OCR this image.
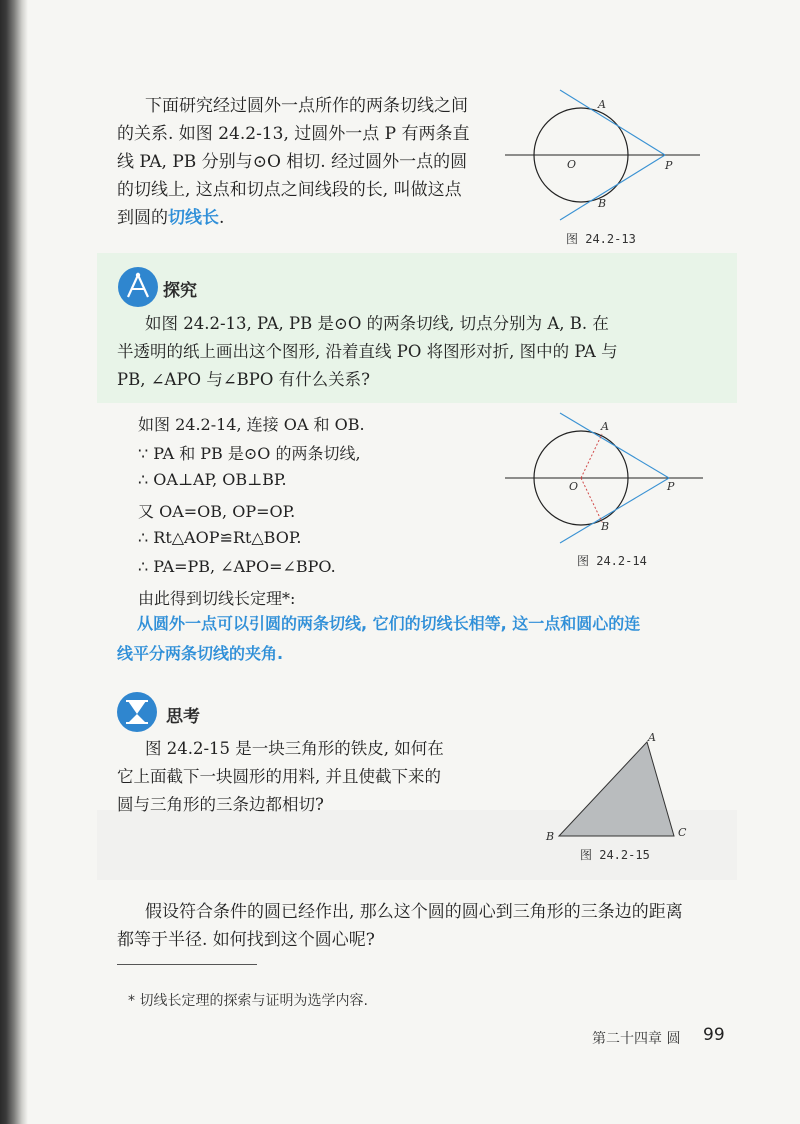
下面研究经过圆外一点所作的两条切线之间
的关系. 如图 24.2-13, 过圆外一点 P 有两条直
线 PA, PB 分别与⊙O 相切. 经过圆外一点的圆
的切线上, 这点和切点之间线段的长, 叫做这点
到圆的切线长.
A
O	P
B
图 24.2-13
探究
如图 24.2-13, PA, PB 是⊙O 的两条切线, 切点分别为 A, B. 在
半透明的纸上画出这个图形, 沿着直线 PO 将图形对折, 图中的 PA 与
PB, ∠APO 与∠BPO 有什么关系?
如图 24.2-14, 连接 OA 和 OB.
∵ PA 和 PB 是⊙O 的两条切线,
∴ OA⊥AP, OB⊥BP.
又 OA=OB, OP=OP.
∴ Rt△AOP≌Rt△BOP.
∴ PA=PB, ∠APO=∠BPO.
由此得到切线长定理*:
A
O	P
B
图 24.2-14
从圆外一点可以引圆的两条切线, 它们的切线长相等, 这一点和圆心的连
线平分两条切线的夹角.
思考
图 24.2-15 是一块三角形的铁皮, 如何在
它上面截下一块圆形的用料, 并且使截下来的
圆与三角形的三条边都相切?
A
B	C
图 24.2-15
假设符合条件的圆已经作出, 那么这个圆的圆心到三角形的三条边的距离
都等于半径. 如何找到这个圆心呢?
* 切线长定理的探索与证明为选学内容.
第二十四章 圆 99
